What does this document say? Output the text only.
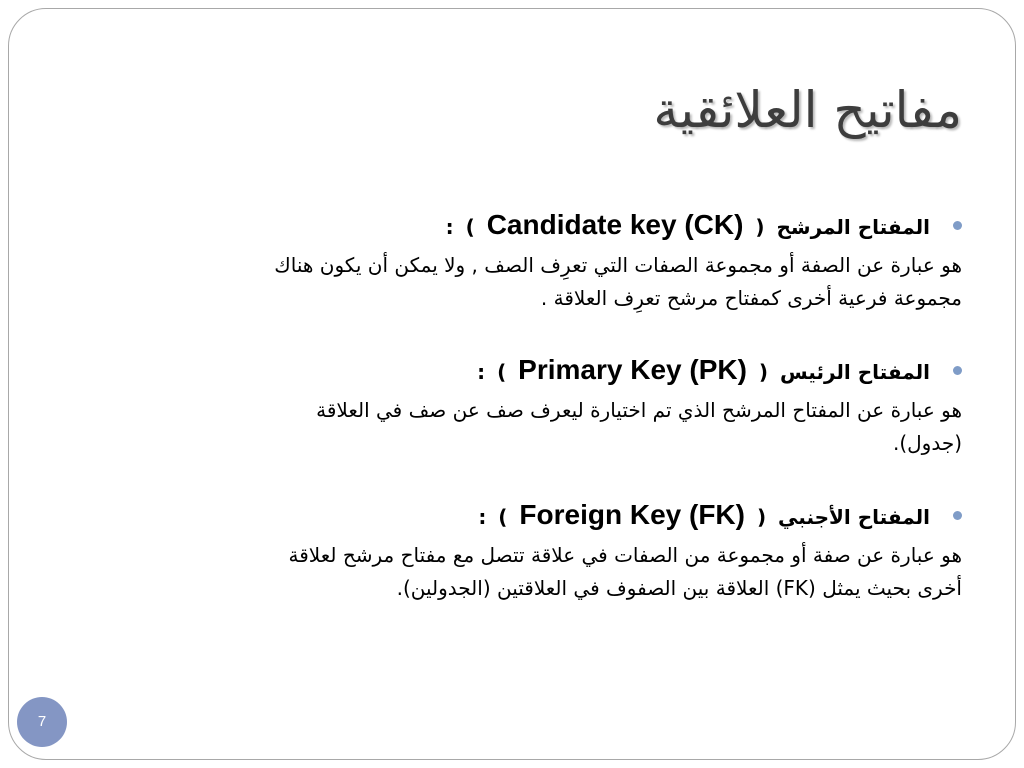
مفاتيح العلائقية
المفتاح المرشح ( Candidate key (CK) ) :
هو عبارة عن الصفة أو مجموعة الصفات التي تعرِف الصف , ولا يمكن أن يكون هناك
مجموعة فرعية أخرى كمفتاح مرشح تعرِف العلاقة .
المفتاح الرئيس ( Primary Key (PK) ) :
هو عبارة عن المفتاح المرشح الذي تم اختيارة ليعرف صف عن صف في العلاقة
(جدول).
المفتاح الأجنبي ( Foreign Key (FK) ) :
هو عبارة عن صفة أو مجموعة من الصفات في علاقة تتصل مع مفتاح مرشح لعلاقة
أخرى بحيث يمثل (FK) العلاقة بين الصفوف في العلاقتين (الجدولين).
7
